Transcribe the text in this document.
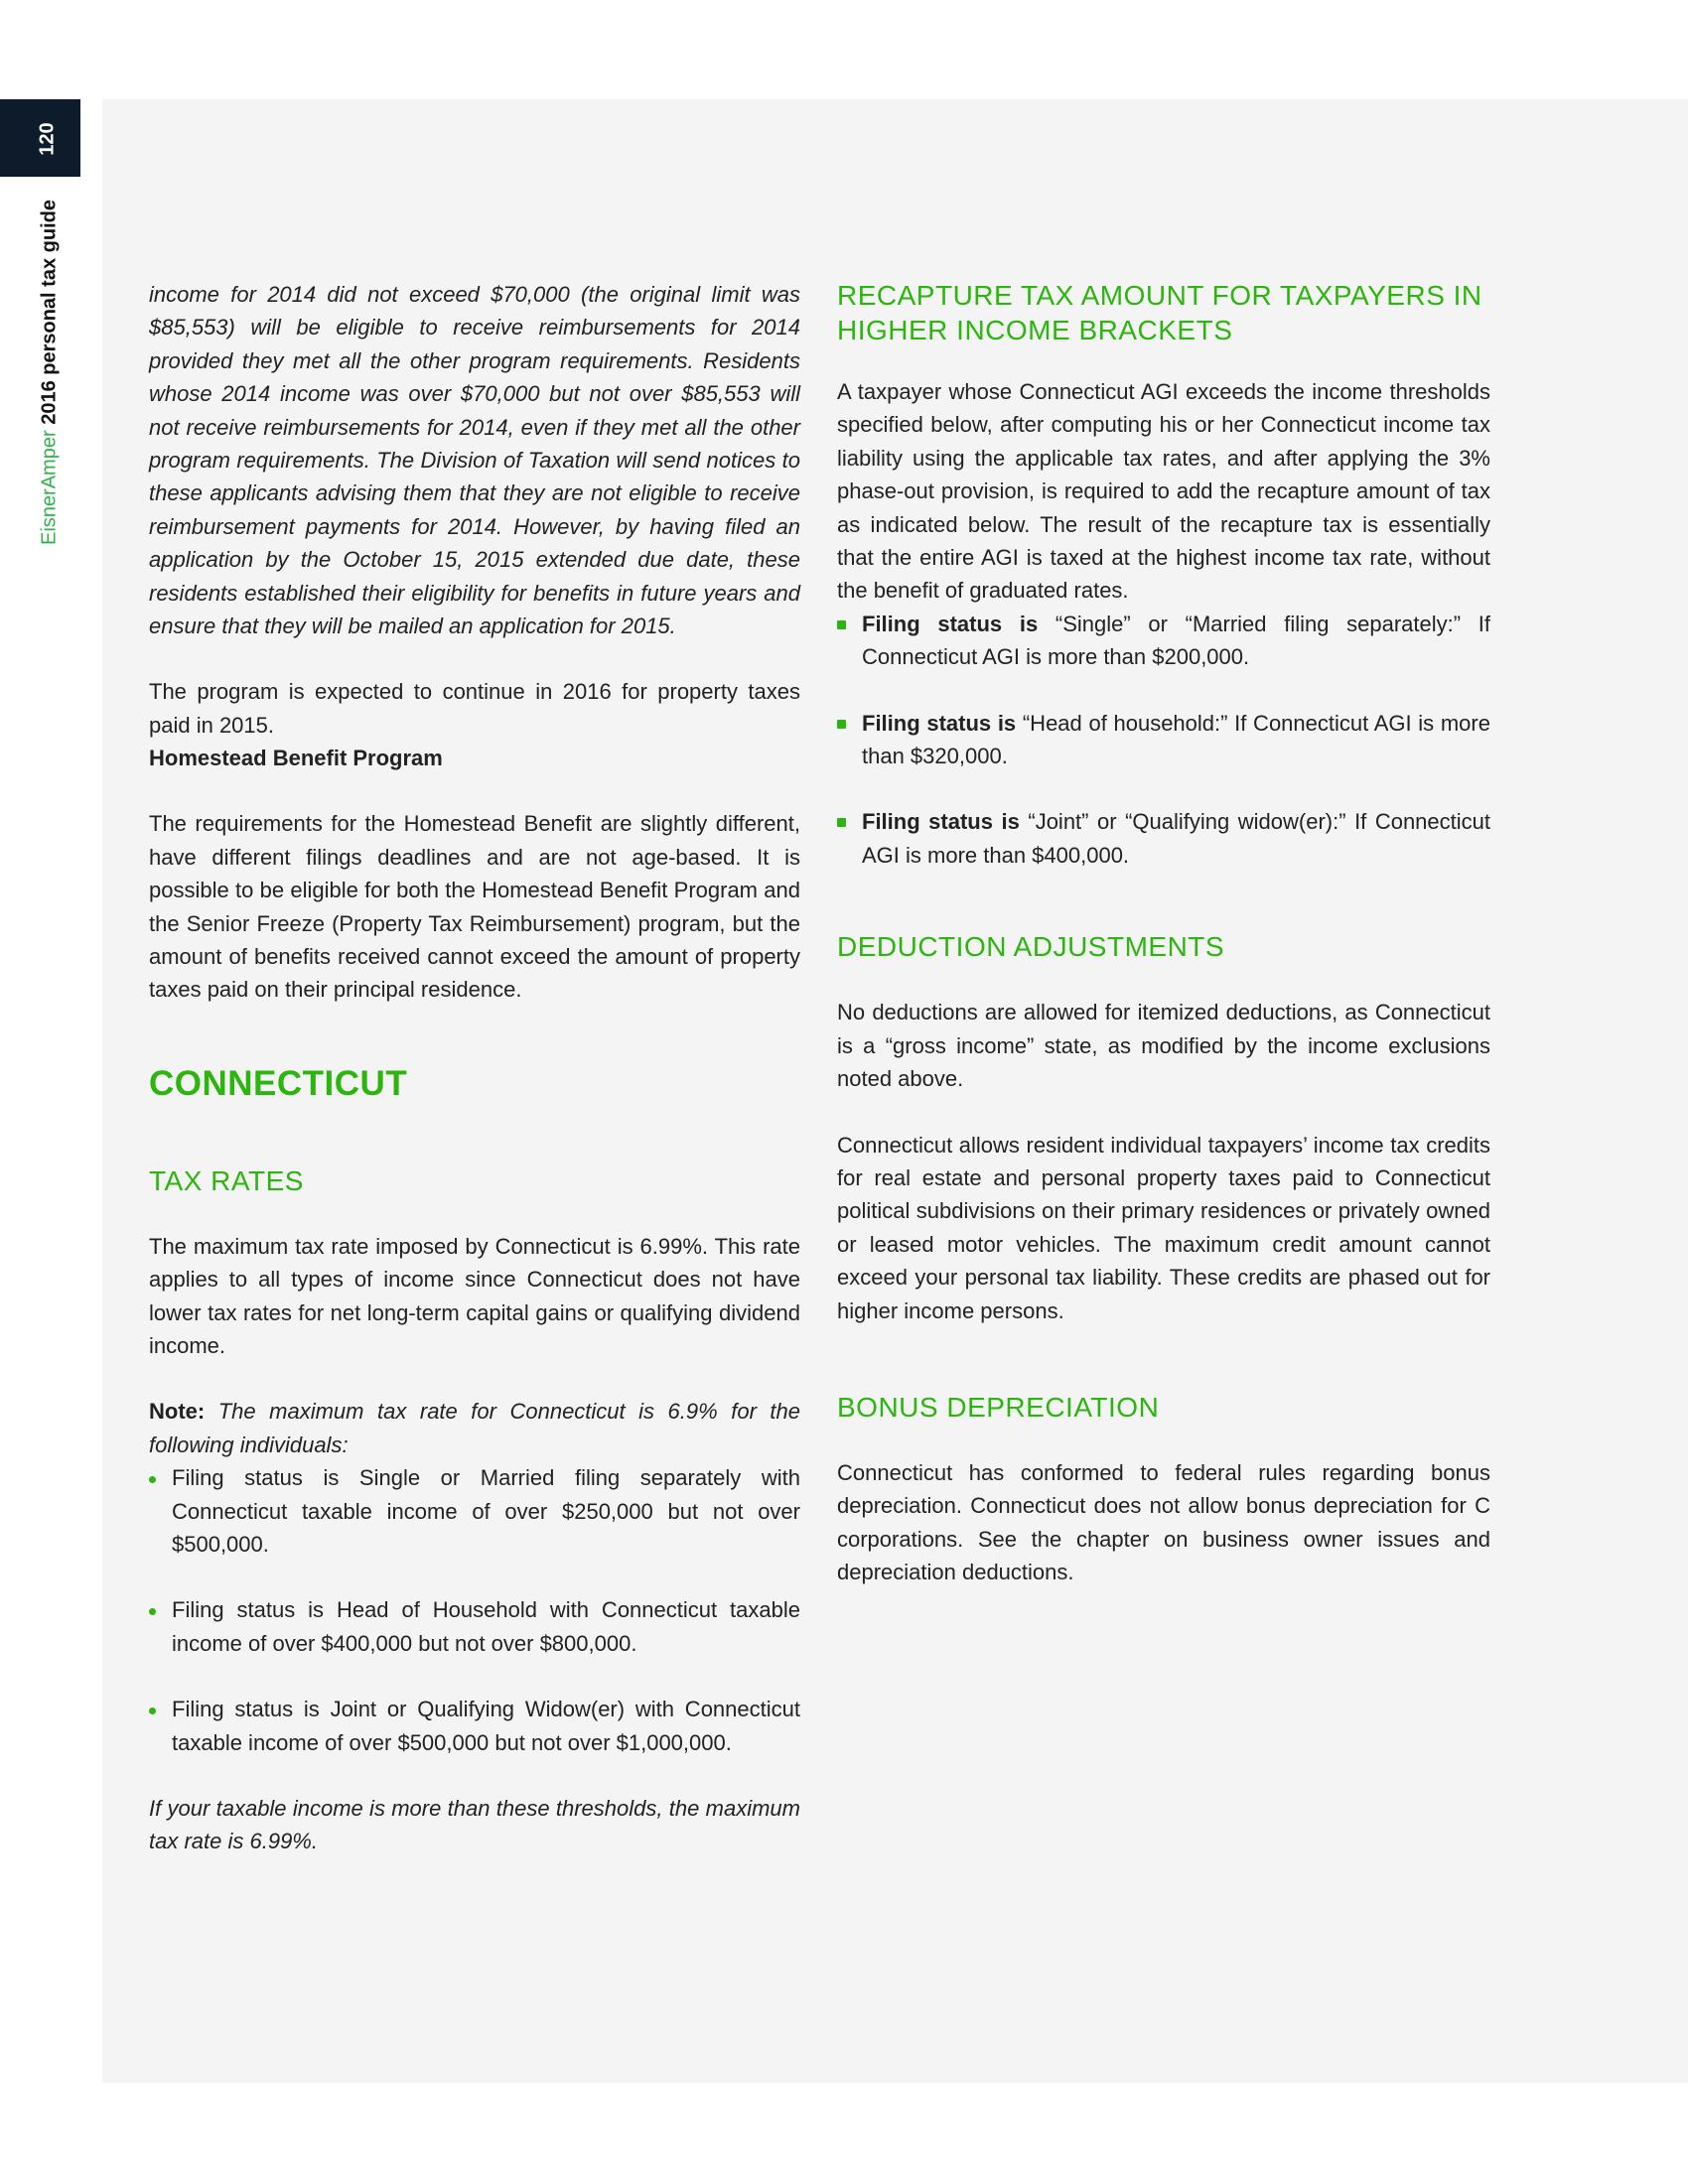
120
EisnerAmper 2016 personal tax guide	income for 2014 did not exceed $70,000 (the original limit was $85,553) will be eligible to receive reimbursements for 2014 provided they met all the other program requirements. Residents whose 2014 income was over $70,000 but not over $85,553 will not receive reimbursements for 2014, even if they met all the other program requirements. The Division of Taxation will send notices to these applicants advising them that they are not eligible to receive reimbursement payments for 2014. However, by having filed an application by the October 15, 2015 extended due date, these residents established their eligibility for benefits in future years and ensure that they will be mailed an application for 2015.

The program is expected to continue in 2016 for property taxes paid in 2015.

Homestead Benefit Program

The requirements for the Homestead Benefit are slightly different, have different filings deadlines and are not age-based. It is possible to be eligible for both the Homestead Benefit Program and the Senior Freeze (Property Tax Reimbursement) program, but the amount of benefits received cannot exceed the amount of property taxes paid on their principal residence.

CONNECTICUT
TAX RATES

The maximum tax rate imposed by Connecticut is 6.99%. This rate applies to all types of income since Connecticut does not have lower tax rates for net long-term capital gains or qualifying dividend income.

Note: The maximum tax rate for Connecticut is 6.9% for the following individuals:

Filing status is Single or Married filing separately with Connecticut taxable income of over $250,000 but not over $500,000.
Filing status is Head of Household with Connecticut taxable income of over $400,000 but not over $800,000.
Filing status is Joint or Qualifying Widow(er) with Connecticut taxable income of over $500,000 but not over $1,000,000.

If your taxable income is more than these thresholds, the maximum tax rate is 6.99%.

RECAPTURE TAX AMOUNT FOR TAXPAYERS IN HIGHER INCOME BRACKETS

A taxpayer whose Connecticut AGI exceeds the income thresholds specified below, after computing his or her Connecticut income tax liability using the applicable tax rates, and after applying the 3% phase-out provision, is required to add the recapture amount of tax as indicated below. The result of the recapture tax is essentially that the entire AGI is taxed at the highest income tax rate, without the benefit of graduated rates.

Filing status is “Single” or “Married filing separately:” If Connecticut AGI is more than $200,000.
Filing status is “Head of household:” If Connecticut AGI is more than $320,000.
Filing status is “Joint” or “Qualifying widow(er):” If Connecticut AGI is more than $400,000.
DEDUCTION ADJUSTMENTS

No deductions are allowed for itemized deductions, as Connecticut is a “gross income” state, as modified by the income exclusions noted above.

Connecticut allows resident individual taxpayers’ income tax credits for real estate and personal property taxes paid to Connecticut political subdivisions on their primary residences or privately owned or leased motor vehicles. The maximum credit amount cannot exceed your personal tax liability. These credits are phased out for higher income persons.

BONUS DEPRECIATION

Connecticut has conformed to federal rules regarding bonus depreciation. Connecticut does not allow bonus depreciation for C corporations. See the chapter on business owner issues and depreciation deductions.
